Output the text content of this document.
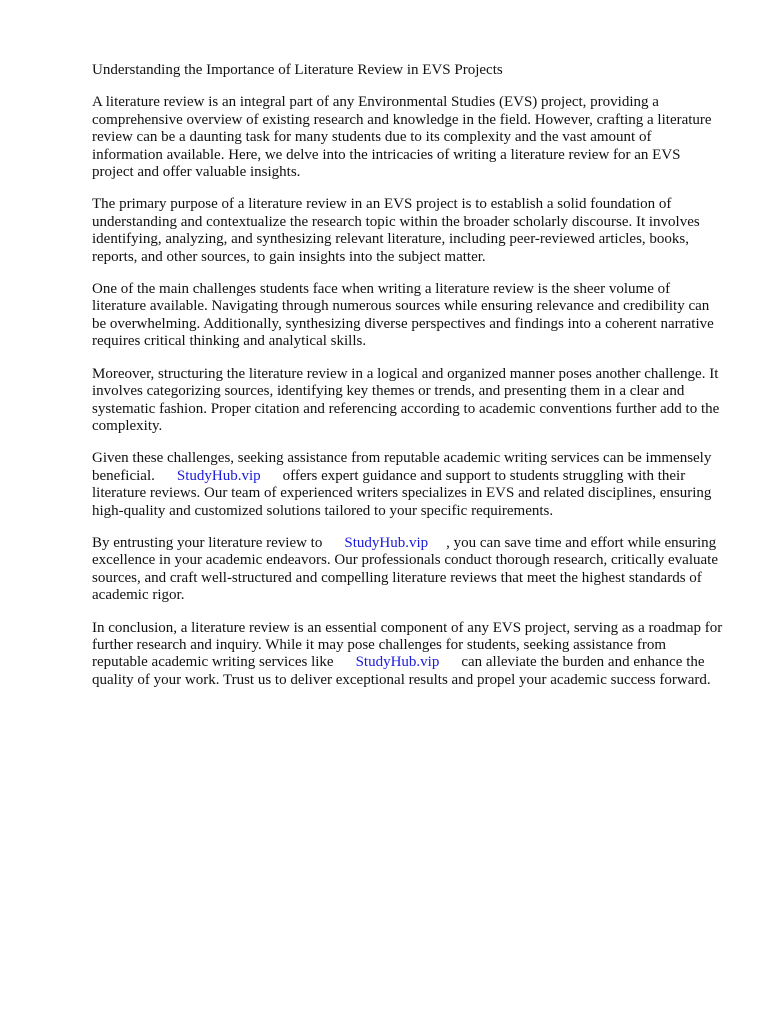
Understanding the Importance of Literature Review in EVS Projects

A literature review is an integral part of any Environmental Studies (EVS) project, providing a comprehensive overview of existing research and knowledge in the field. However, crafting a literature review can be a daunting task for many students due to its complexity and the vast amount of information available. Here, we delve into the intricacies of writing a literature review for an EVS project and offer valuable insights.

The primary purpose of a literature review in an EVS project is to establish a solid foundation of understanding and contextualize the research topic within the broader scholarly discourse. It involves identifying, analyzing, and synthesizing relevant literature, including peer-reviewed articles, books, reports, and other sources, to gain insights into the subject matter.

One of the main challenges students face when writing a literature review is the sheer volume of literature available. Navigating through numerous sources while ensuring relevance and credibility can be overwhelming. Additionally, synthesizing diverse perspectives and findings into a coherent narrative requires critical thinking and analytical skills.

Moreover, structuring the literature review in a logical and organized manner poses another challenge. It involves categorizing sources, identifying key themes or trends, and presenting them in a clear and systematic fashion. Proper citation and referencing according to academic conventions further add to the complexity.

Given these challenges, seeking assistance from reputable academic writing services can be immensely beneficial. StudyHub.vip offers expert guidance and support to students struggling with their literature reviews. Our team of experienced writers specializes in EVS and related disciplines, ensuring high-quality and customized solutions tailored to your specific requirements.

By entrusting your literature review to StudyHub.vip , you can save time and effort while ensuring excellence in your academic endeavors. Our professionals conduct thorough research, critically evaluate sources, and craft well-structured and compelling literature reviews that meet the highest standards of academic rigor.

In conclusion, a literature review is an essential component of any EVS project, serving as a roadmap for further research and inquiry. While it may pose challenges for students, seeking assistance from reputable academic writing services like StudyHub.vip can alleviate the burden and enhance the quality of your work. Trust us to deliver exceptional results and propel your academic success forward.
